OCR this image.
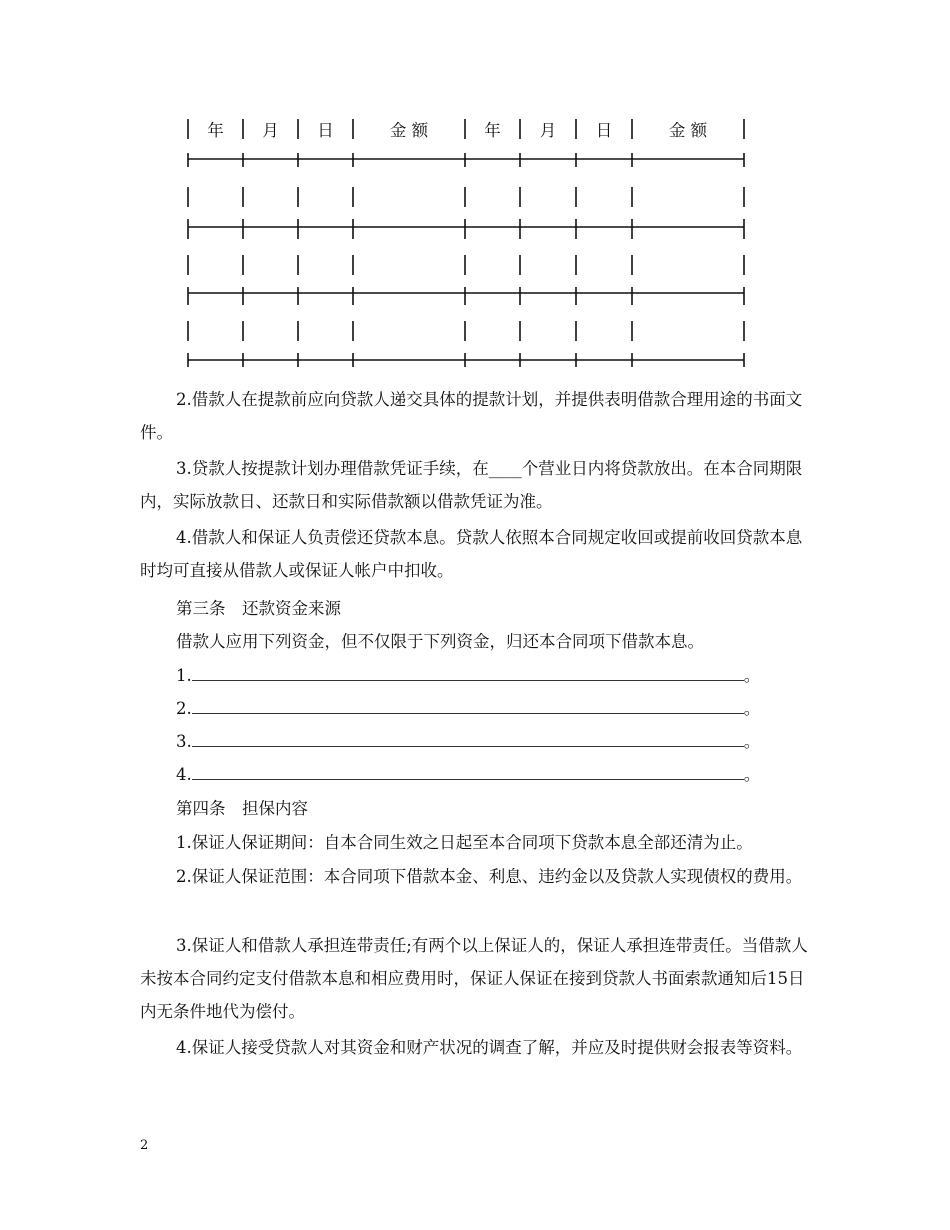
年 月 日	金 额	年 月 日	金 额

2.借款人在提款前应向贷款人递交具体的提款计划，并提供表明借款合理用途的书面文件。

3.贷款人按提款计划办理借款凭证手续，在____个营业日内将贷款放出。在本合同期限内，实际放款日、还款日和实际借款额以借款凭证为准。

4.借款人和保证人负责偿还贷款本息。贷款人依照本合同规定收回或提前收回贷款本息时均可直接从借款人或保证人帐户中扣收。

第三条　还款资金来源

借款人应用下列资金，但不仅限于下列资金，归还本合同项下借款本息。

1.	。
2.	。
3.	。
4.	。

第四条　担保内容

1.保证人保证期间：自本合同生效之日起至本合同项下贷款本息全部还清为止。

2.保证人保证范围：本合同项下借款本金、利息、违约金以及贷款人实现债权的费用。

3.保证人和借款人承担连带责任;有两个以上保证人的，保证人承担连带责任。当借款人未按本合同约定支付借款本息和相应费用时，保证人保证在接到贷款人书面索款通知后15日内无条件地代为偿付。

4.保证人接受贷款人对其资金和财产状况的调查了解，并应及时提供财会报表等资料。

2
